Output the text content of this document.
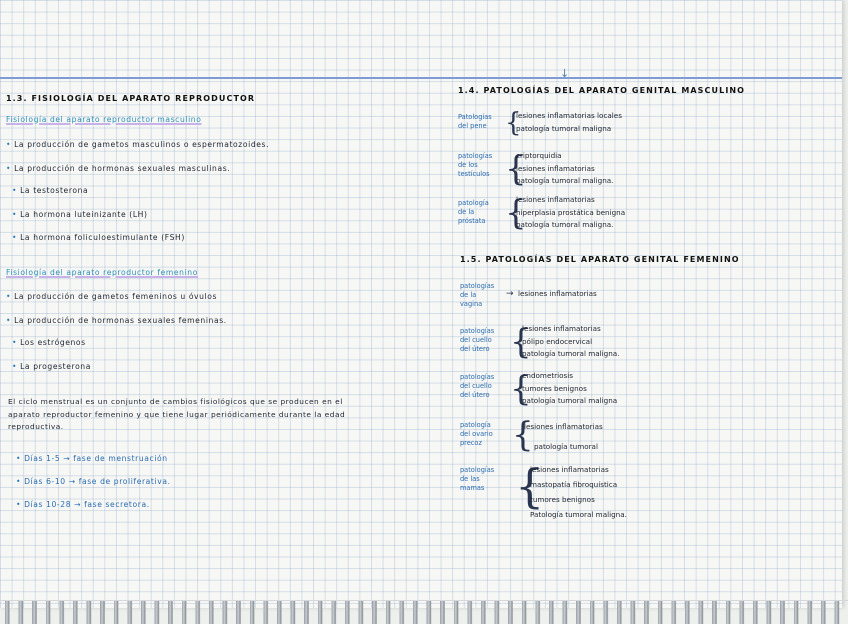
↓
1.3. FISIOLOGÍA DEL APARATO REPRODUCTOR
Fisiología del aparato reproductor masculino
• La producción de gametos masculinos o espermatozoides.
• La producción de hormonas sexuales masculinas.
• La testosterona
• La hormona luteinizante (LH)
• La hormona foliculoestimulante (FSH)
Fisiología del aparato reproductor femenino
• La producción de gametos femeninos u óvulos
• La producción de hormonas sexuales femeninas.
• Los estrógenos
• La progesterona
El ciclo menstrual es un conjunto de cambios fisiológicos que se producen en el aparato reproductor femenino y que tiene lugar periódicamente durante la edad reproductiva.
• Días 1-5 → fase de menstruación
• Días 6-10 → fase de proliferativa.
• Días 10-28 → fase secretora.
1.4. PATOLOGÍAS DEL APARATO GENITAL MASCULINO
Patologías
del pene {
lesiones inflamatorias locales
patología tumoral maligna
patologías
de los
testículos {
criptorquidia
lesiones inflamatorias
patología tumoral maligna.
patología
de la
próstata {
lesiones inflamatorias
hiperplasia prostática benigna
patología tumoral maligna.
1.5. PATOLOGÍAS DEL APARATO GENITAL FEMENINO
patologías
de la
vagina
→ lesiones inflamatorias
patologías
del cuello
del útero {
lesiones inflamatorias
pólipo endocervical
patología tumoral maligna.
patologías
del cuello
del útero {
endometriosis
tumores benignos
patología tumoral maligna
patología
del ovario
precoz {
lesiones inflamatorias
patología tumoral
patologías
de las
mamas {
lesiones inflamatorias
mastopatía fibroquística
tumores benignos
Patología tumoral maligna.
